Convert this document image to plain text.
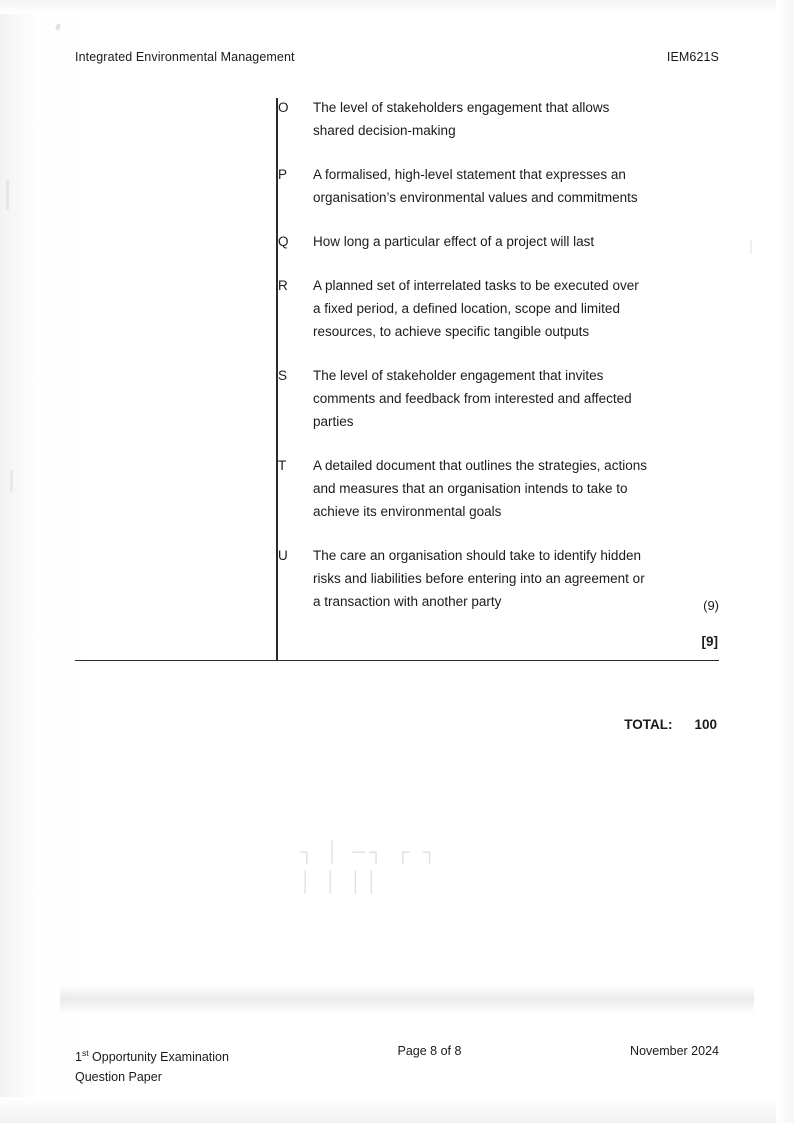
Integrated Environmental Management	IEM621S
O	The level of stakeholders engagement that allows shared decision-making
P	A formalised, high-level statement that expresses an organisation’s environmental values and commitments
Q	How long a particular effect of a project will last
R	A planned set of interrelated tasks to be executed over a fixed period, a defined location, scope and limited resources, to achieve specific tangible outputs
S	The level of stakeholder engagement that invites comments and feedback from interested and affected parties
T	A detailed document that outlines the strategies, actions and measures that an organisation intends to take to achieve its environmental goals
U	The care an organisation should take to identify hidden risks and liabilities before entering into an agreement or a transaction with another party	(9)
[9]
TOTAL: 100
┐ │ ─┐ ┌ ┐
│ │ ││
1st Opportunity Examination
Question Paper
Page 8 of 8	November 2024
